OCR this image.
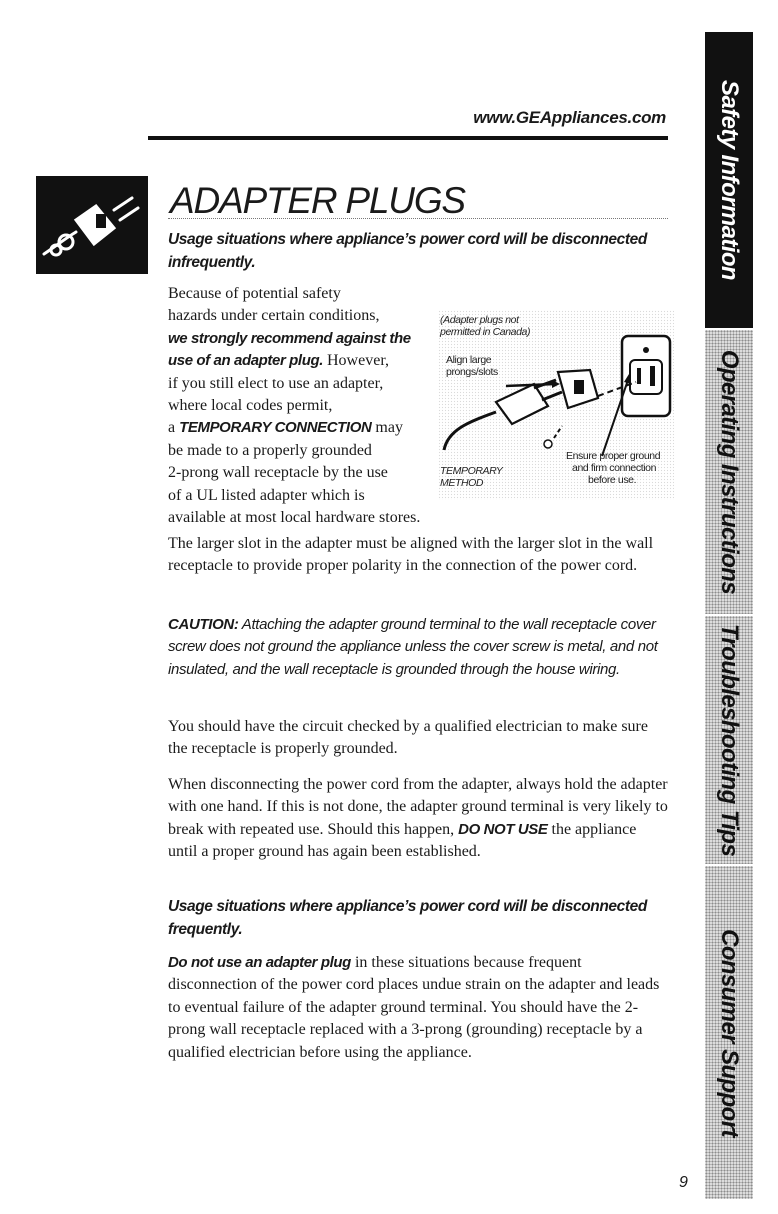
www.GEAppliances.com
ADAPTER PLUGS

Usage situations where appliance’s power cord will be disconnected infrequently.

Because of potential safety
hazards under certain conditions,
we strongly recommend against the
use of an adapter plug. However,
if you still elect to use an adapter,
where local codes permit,
a TEMPORARY CONNECTION may
be made to a properly grounded
2-prong wall receptacle by the use
of a UL listed adapter which is
available at most local hardware stores.
(Adapter plugs not
permitted in Canada)
Align large
prongs/slots
TEMPORARY
METHOD
Ensure proper ground
and firm connection
before use.

The larger slot in the adapter must be aligned with the larger slot in the wall receptacle to provide proper polarity in the connection of the power cord.

CAUTION: Attaching the adapter ground terminal to the wall receptacle cover screw does not ground the appliance unless the cover screw is metal, and not insulated, and the wall receptacle is grounded through the house wiring.

You should have the circuit checked by a qualified electrician to make sure the receptacle is properly grounded.

When disconnecting the power cord from the adapter, always hold the adapter with one hand. If this is not done, the adapter ground terminal is very likely to break with repeated use. Should this happen, DO NOT USE the appliance until a proper ground has again been established.

Usage situations where appliance’s power cord will be disconnected frequently.

Do not use an adapter plug in these situations because frequent disconnection of the power cord places undue strain on the adapter and leads to eventual failure of the adapter ground terminal. You should have the 2-prong wall receptacle replaced with a 3-prong (grounding) receptacle by a qualified electrician before using the appliance.

Safety Information
Operating Instructions
Troubleshooting Tips
Consumer Support
9
